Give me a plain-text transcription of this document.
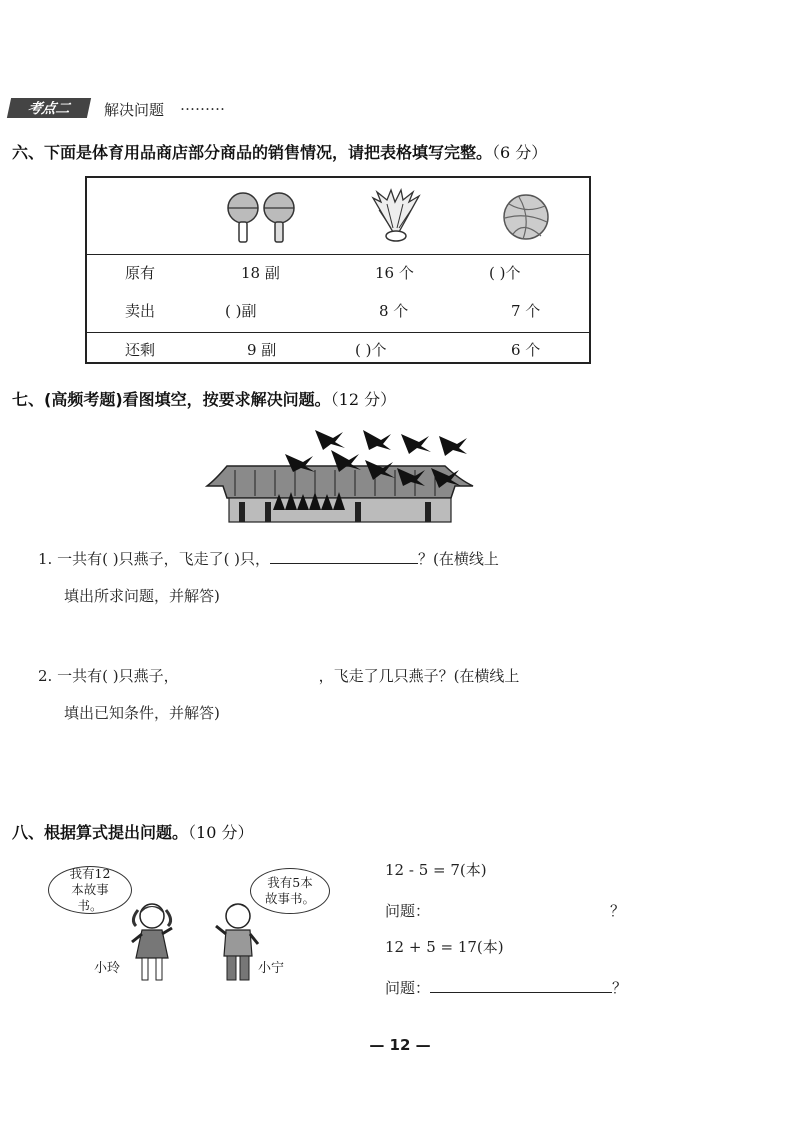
考点二 解决问题 ………
六、下面是体育用品商店部分商品的销售情况，请把表格填写完整。（6 分）
原有	18 副	16 个	( )个
卖出	( )副	8 个	7 个
还剩	9 副	( )个	6 个
七、(高频考题)看图填空，按要求解决问题。（12 分）
1. 一共有( )只燕子，飞走了( )只，	？(在横线上
填出所求问题，并解答)
2. 一共有( )只燕子，	，飞走了几只燕子？(在横线上
填出已知条件，并解答)
八、根据算式提出问题。（10 分）
我有12本故事书。
我有5本故事书。
小玲	小宁
12 - 5 = 7(本)
问题：	？
12 + 5 = 17(本)
问题：	？
— 12 —
